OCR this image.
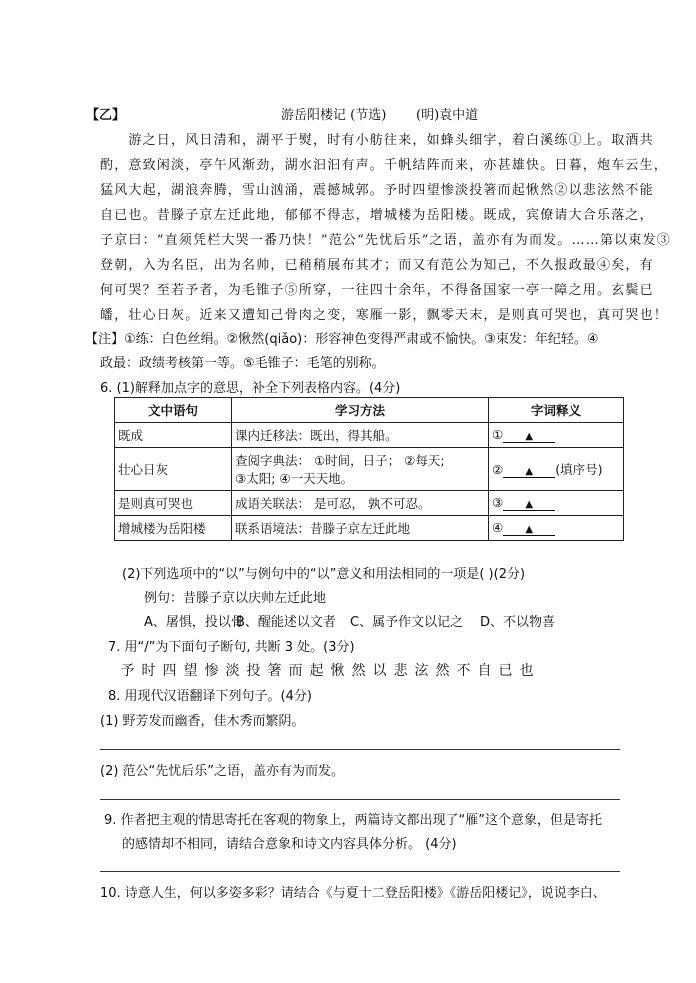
【乙】	游岳阳楼记 (节选) (明)袁中道
　　游之日，风日清和，湖平于熨，时有小舫往来，如蜂头细字，着白溪练①上。取酒共
酌，意致闲淡，亭午风渐劲，湖水汩汩有声。千帆结阵而来，亦甚雄快。日暮，炮车云生，
猛风大起，湖浪奔腾，雪山汹涌，震撼城郭。予时四望惨淡投箸而起愀然②以悲泫然不能
自已也。昔滕子京左迁此地，郁郁不得志，增城楼为岳阳楼。既成，宾僚请大合乐落之，
子京曰：“直须凭栏大哭一番乃快！”范公“先忧后乐”之语，盖亦有为而发。……第以束发③
登朝，入为名臣，出为名帅，已稍稍展布其才；而又有范公为知己，不久报政最④矣，有
何可哭？至若予者，为毛锥子⑤所穿，一往四十余年，不得备国家一亭一障之用。玄鬓已
皤，壮心日灰。近来又遭知己骨肉之变，寒雁一影，飘零天末，是则真可哭也，真可哭也！
【注】①练：白色丝绢。②愀然(qiǎo)：形容神色变得严肃或不愉快。③束发：年纪轻。④
政最：政绩考核第一等。⑤毛锥子：毛笔的别称。
6. (1)解释加点字的意思，补全下列表格内容。(4分)
文中语句	学习方法	字词释义
既成	课内迁移法：既出，得其船。	① ▲
壮心日灰	查阅字典法： ①时间，日子； ②每天;
③太阳; ④一天天地。	② ▲ (填序号)
是则真可哭也	成语关联法： 是可忍， 孰不可忍。	③ ▲
增城楼为岳阳楼	联系语境法：昔滕子京左迁此地	④ ▲
(2)下列选项中的“以”与例句中的“以”意义和用法相同的一项是( )(2分)
例句：昔滕子京以庆帅左迁此地
A、屠惧，投以骨B、醒能述以文者 C、属予作文以记之 D、不以物喜
7. 用“/”为下面句子断句, 共断 3 处。(3分)
予 时 四 望 惨 淡 投 箸 而 起 愀 然 以 悲 泫 然 不 自 已 也
8. 用现代汉语翻译下列句子。(4分)
(1) 野芳发而幽香，佳木秀而繁阴。
(2) 范公“先忧后乐”之语，盖亦有为而发。
9. 作者把主观的情思寄托在客观的物象上，两篇诗文都出现了“雁”这个意象，但是寄托
的感情却不相同，请结合意象和诗文内容具体分析。 (4分)
10. 诗意人生，何以多姿多彩？请结合《与夏十二登岳阳楼》《游岳阳楼记》，说说李白、
